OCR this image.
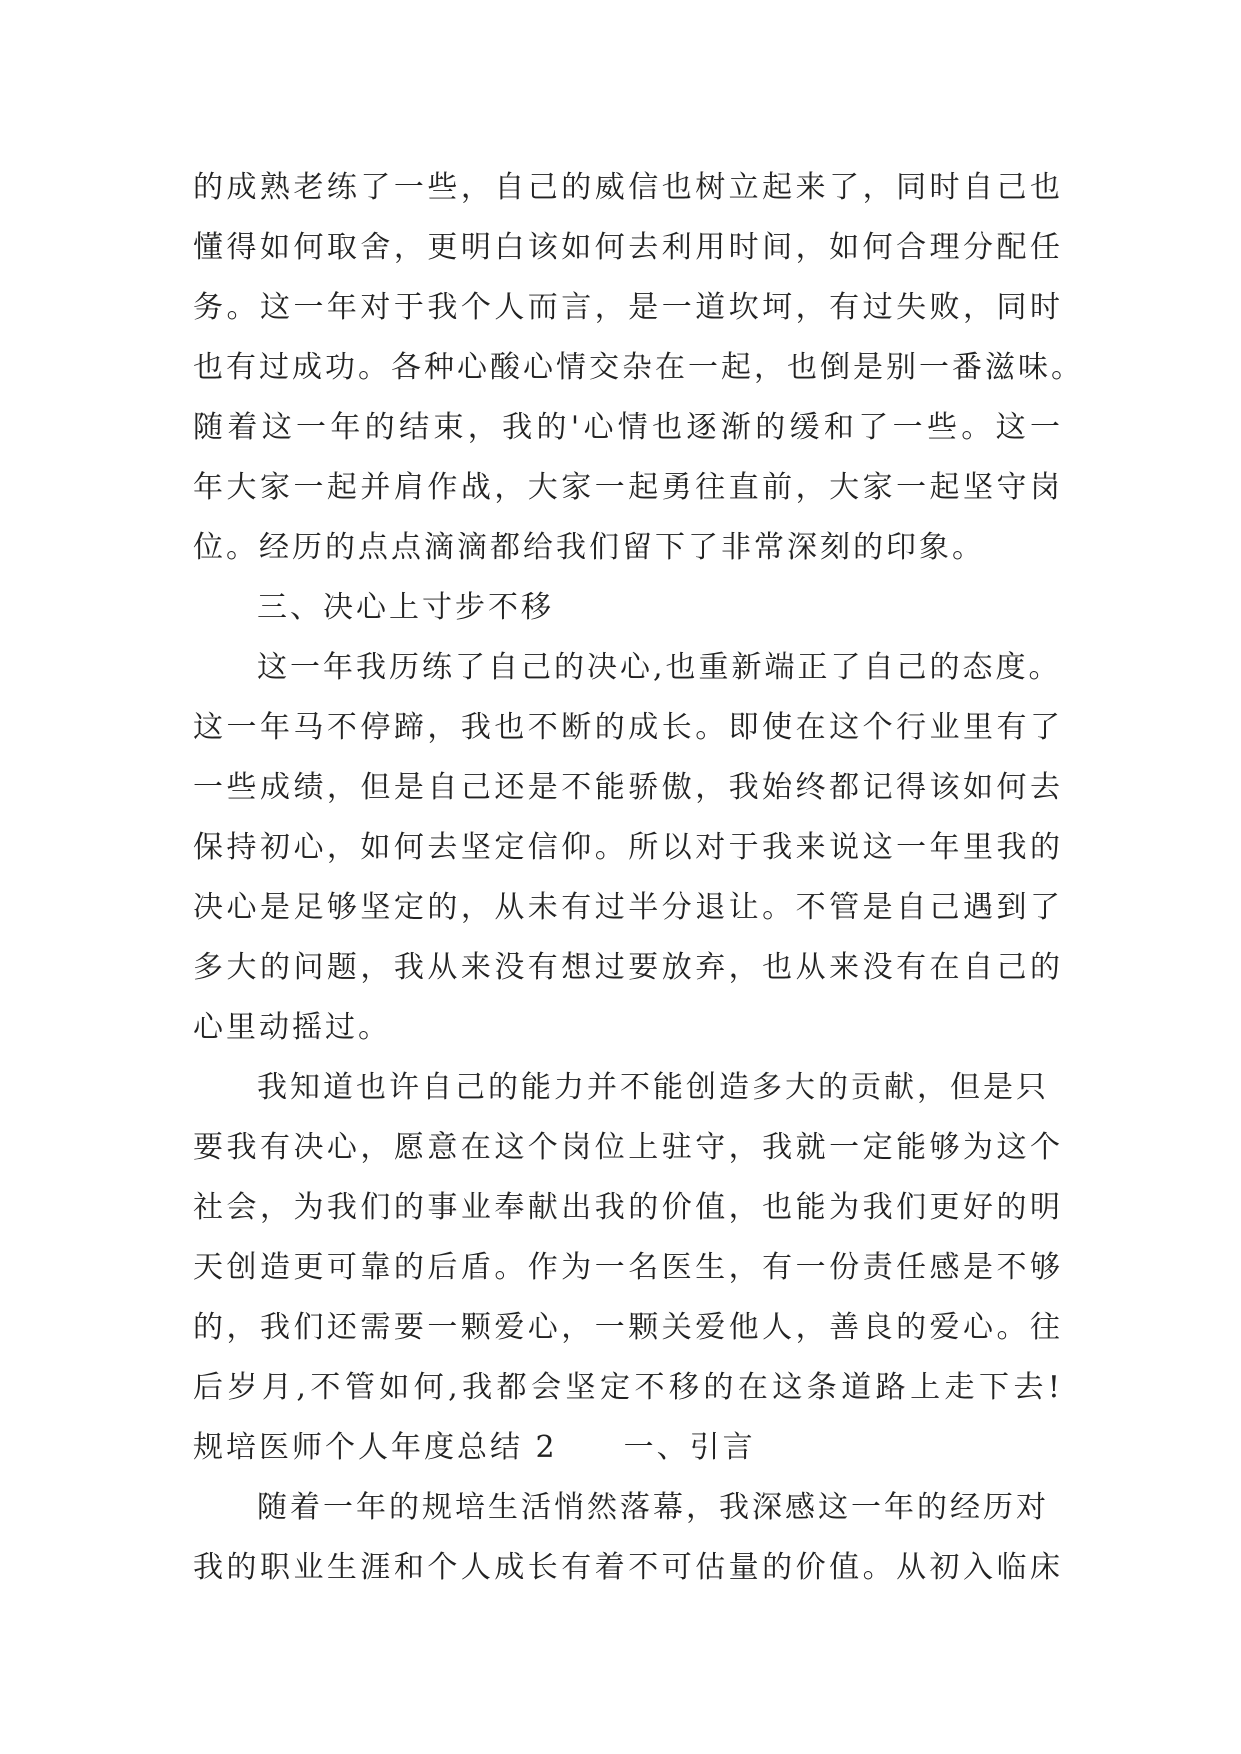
的成熟老练了一些，自己的威信也树立起来了，同时自己也
懂得如何取舍，更明白该如何去利用时间，如何合理分配任
务。这一年对于我个人而言，是一道坎坷，有过失败，同时
也有过成功。各种心酸心情交杂在一起，也倒是别一番滋味。
随着这一年的结束，我的'心情也逐渐的缓和了一些。这一
年大家一起并肩作战，大家一起勇往直前，大家一起坚守岗
位。经历的点点滴滴都给我们留下了非常深刻的印象。
三、决心上寸步不移
这一年我历练了自己的决心,也重新端正了自己的态度。
这一年马不停蹄，我也不断的成长。即使在这个行业里有了
一些成绩，但是自己还是不能骄傲，我始终都记得该如何去
保持初心，如何去坚定信仰。所以对于我来说这一年里我的
决心是足够坚定的，从未有过半分退让。不管是自己遇到了
多大的问题，我从来没有想过要放弃，也从来没有在自己的
心里动摇过。
我知道也许自己的能力并不能创造多大的贡献，但是只
要我有决心，愿意在这个岗位上驻守，我就一定能够为这个
社会，为我们的事业奉献出我的价值，也能为我们更好的明
天创造更可靠的后盾。作为一名医生，有一份责任感是不够
的，我们还需要一颗爱心，一颗关爱他人，善良的爱心。往
后岁月,不管如何,我都会坚定不移的在这条道路上走下去!
规培医师个人年度总结 2 一、引言
随着一年的规培生活悄然落幕，我深感这一年的经历对
我的职业生涯和个人成长有着不可估量的价值。从初入临床
